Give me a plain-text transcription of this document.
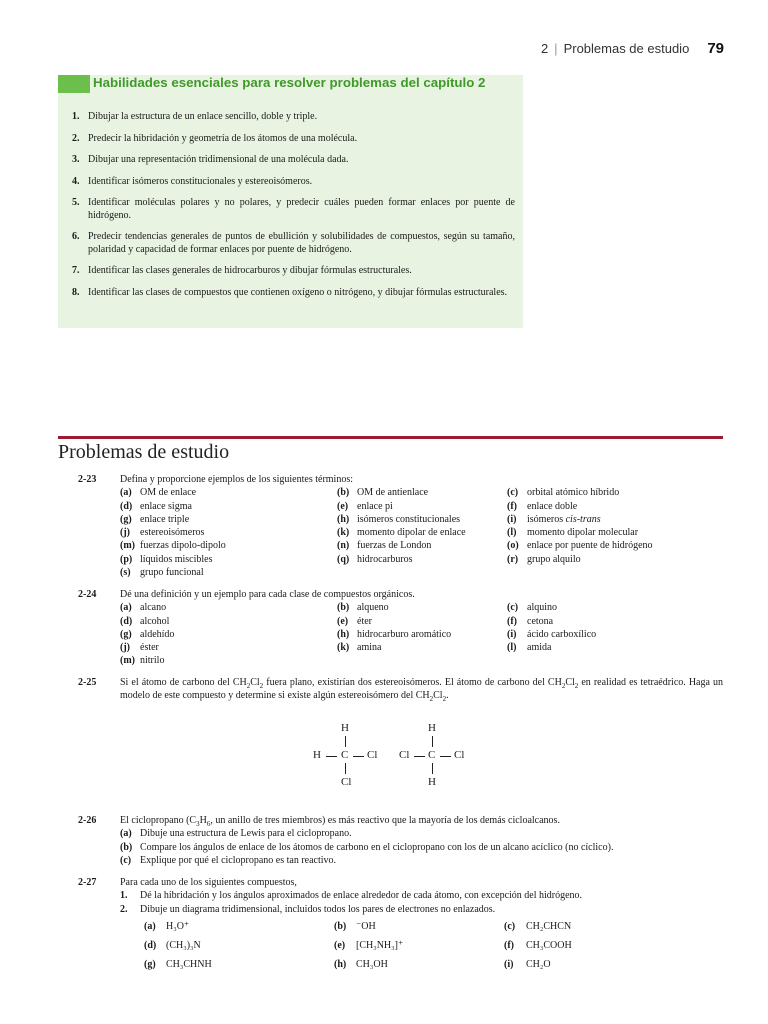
2 | Problemas de estudio 79
Habilidades esenciales para resolver problemas del capítulo 2
1. Dibujar la estructura de un enlace sencillo, doble y triple.
2. Predecir la hibridación y geometría de los átomos de una molécula.
3. Dibujar una representación tridimensional de una molécula dada.
4. Identificar isómeros constitucionales y estereoisómeros.
5. Identificar moléculas polares y no polares, y predecir cuáles pueden formar enlaces por puente de hidrógeno.
6. Predecir tendencias generales de puntos de ebullición y solubilidades de compuestos, según su tamaño, polaridad y capacidad de formar enlaces por puente de hidrógeno.
7. Identificar las clases generales de hidrocarburos y dibujar fórmulas estructurales.
8. Identificar las clases de compuestos que contienen oxígeno o nitrógeno, y dibujar fórmulas estructurales.
Problemas de estudio
2-23 Defina y proporcione ejemplos de los siguientes términos:
(a) OM de enlace	(b) OM de antienlace	(c) orbital atómico híbrido
(d) enlace sigma	(e) enlace pi	(f) enlace doble
(g) enlace triple	(h) isómeros constitucionales	(i) isómeros cis-trans
(j) estereoisómeros	(k) momento dipolar de enlace	(l) momento dipolar molecular
(m) fuerzas dipolo-dipolo	(n) fuerzas de London	(o) enlace por puente de hidrógeno
(p) líquidos miscibles	(q) hidrocarburos	(r) grupo alquilo
(s) grupo funcional
2-24 Dé una definición y un ejemplo para cada clase de compuestos orgánicos.
(a) alcano	(b) alqueno	(c) alquino
(d) alcohol	(e) éter	(f) cetona
(g) aldehído	(h) hidrocarburo aromático	(i) ácido carboxílico
(j) éster	(k) amina	(l) amida
(m) nitrilo
2-25 Si el átomo de carbono del $CH_2Cl_2$ fuera plano, existirían dos estereoisómeros. El átomo de carbono del $CH_2Cl_2$ en realidad es tetraédrico. Haga un modelo de este compuesto y determine si existe algún estereoisómero del $CH_2Cl_2$.
H
H C Cl
Cl
H
Cl C Cl
H
2-26 El ciclopropano ($C_3H_6$, un anillo de tres miembros) es más reactivo que la mayoría de los demás cicloalcanos.
(a) Dibuje una estructura de Lewis para el ciclopropano.
(b) Compare los ángulos de enlace de los átomos de carbono en el ciclopropano con los de un alcano acíclico (no cíclico).
(c) Explique por qué el ciclopropano es tan reactivo.
2-27 Para cada uno de los siguientes compuestos,
1. Dé la hibridación y los ángulos aproximados de enlace alrededor de cada átomo, con excepción del hidrógeno.
2. Dibuje un diagrama tridimensional, incluidos todos los pares de electrones no enlazados.
(a) H₃O⁺	(b) ⁻OH	(c) CH₂CHCN
(d) (CH₃)₃N	(e) [CH₃NH₃]⁺	(f) CH₃COOH
(g) CH₃CHNH	(h) CH₃OH	(i) CH₂O
